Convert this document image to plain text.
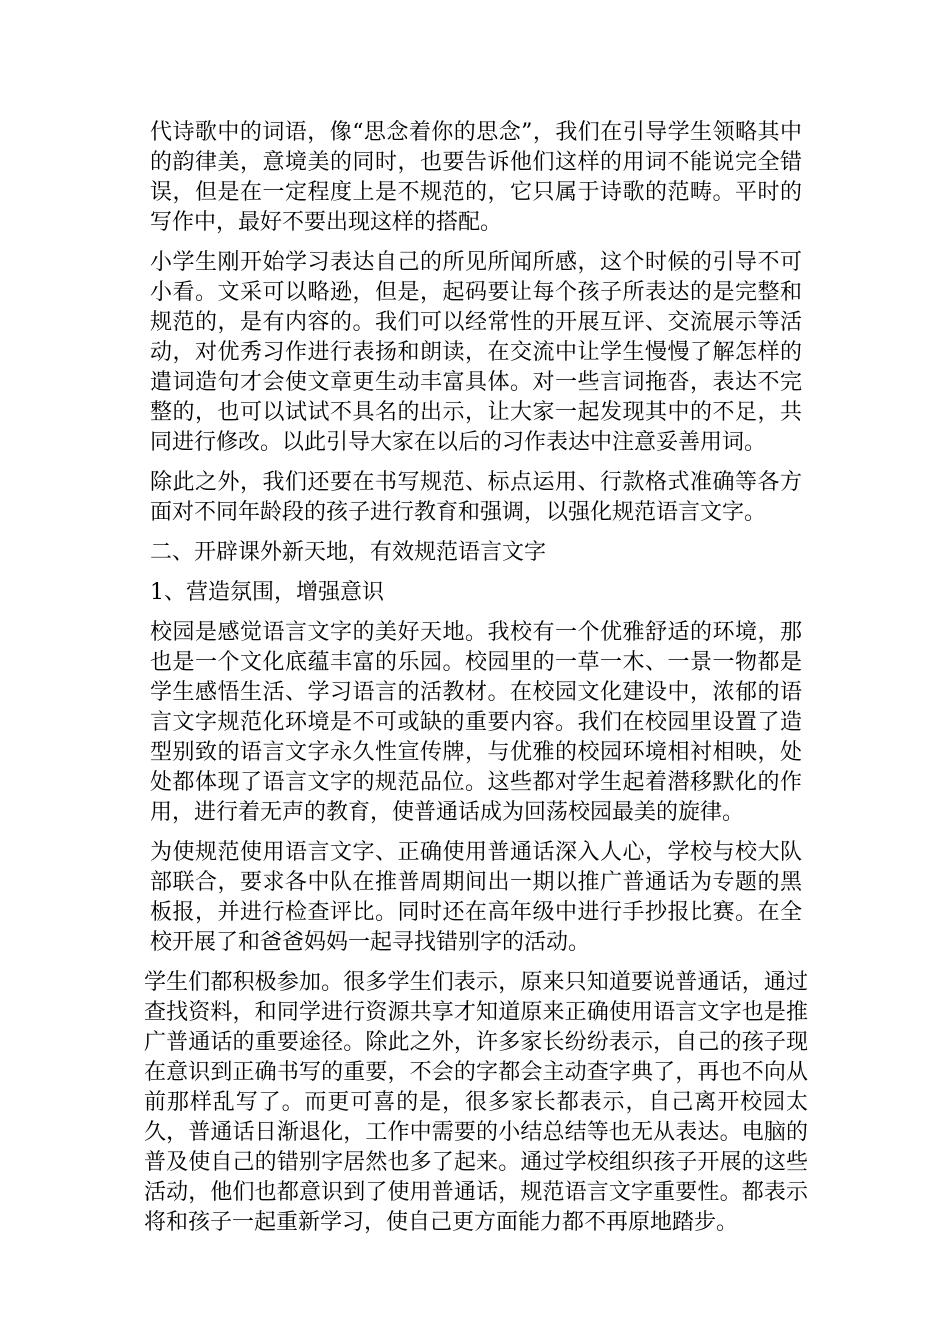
代诗歌中的词语，像“思念着你的思念”，我们在引导学生领略其中的韵律美，意境美的同时，也要告诉他们这样的用词不能说完全错误，但是在一定程度上是不规范的，它只属于诗歌的范畴。平时的写作中，最好不要出现这样的搭配。

小学生刚开始学习表达自己的所见所闻所感，这个时候的引导不可小看。文采可以略逊，但是，起码要让每个孩子所表达的是完整和规范的，是有内容的。我们可以经常性的开展互评、交流展示等活动，对优秀习作进行表扬和朗读，在交流中让学生慢慢了解怎样的遣词造句才会使文章更生动丰富具体。对一些言词拖沓，表达不完整的，也可以试试不具名的出示，让大家一起发现其中的不足，共同进行修改。以此引导大家在以后的习作表达中注意妥善用词。

除此之外，我们还要在书写规范、标点运用、行款格式准确等各方面对不同年龄段的孩子进行教育和强调，以强化规范语言文字。

二、开辟课外新天地，有效规范语言文字

1、营造氛围，增强意识

校园是感觉语言文字的美好天地。我校有一个优雅舒适的环境，那也是一个文化底蕴丰富的乐园。校园里的一草一木、一景一物都是学生感悟生活、学习语言的活教材。在校园文化建设中，浓郁的语言文字规范化环境是不可或缺的重要内容。我们在校园里设置了造型别致的语言文字永久性宣传牌，与优雅的校园环境相衬相映，处处都体现了语言文字的规范品位。这些都对学生起着潜移默化的作用，进行着无声的教育，使普通话成为回荡校园最美的旋律。

为使规范使用语言文字、正确使用普通话深入人心，学校与校大队部联合，要求各中队在推普周期间出一期以推广普通话为专题的黑板报，并进行检查评比。同时还在高年级中进行手抄报比赛。在全校开展了和爸爸妈妈一起寻找错别字的活动。

学生们都积极参加。很多学生们表示，原来只知道要说普通话，通过查找资料，和同学进行资源共享才知道原来正确使用语言文字也是推广普通话的重要途径。除此之外，许多家长纷纷表示，自己的孩子现在意识到正确书写的重要，不会的字都会主动查字典了，再也不向从前那样乱写了。而更可喜的是，很多家长都表示，自己离开校园太久，普通话日渐退化，工作中需要的小结总结等也无从表达。电脑的普及使自己的错别字居然也多了起来。通过学校组织孩子开展的这些活动，他们也都意识到了使用普通话，规范语言文字重要性。都表示将和孩子一起重新学习，使自己更方面能力都不再原地踏步。
